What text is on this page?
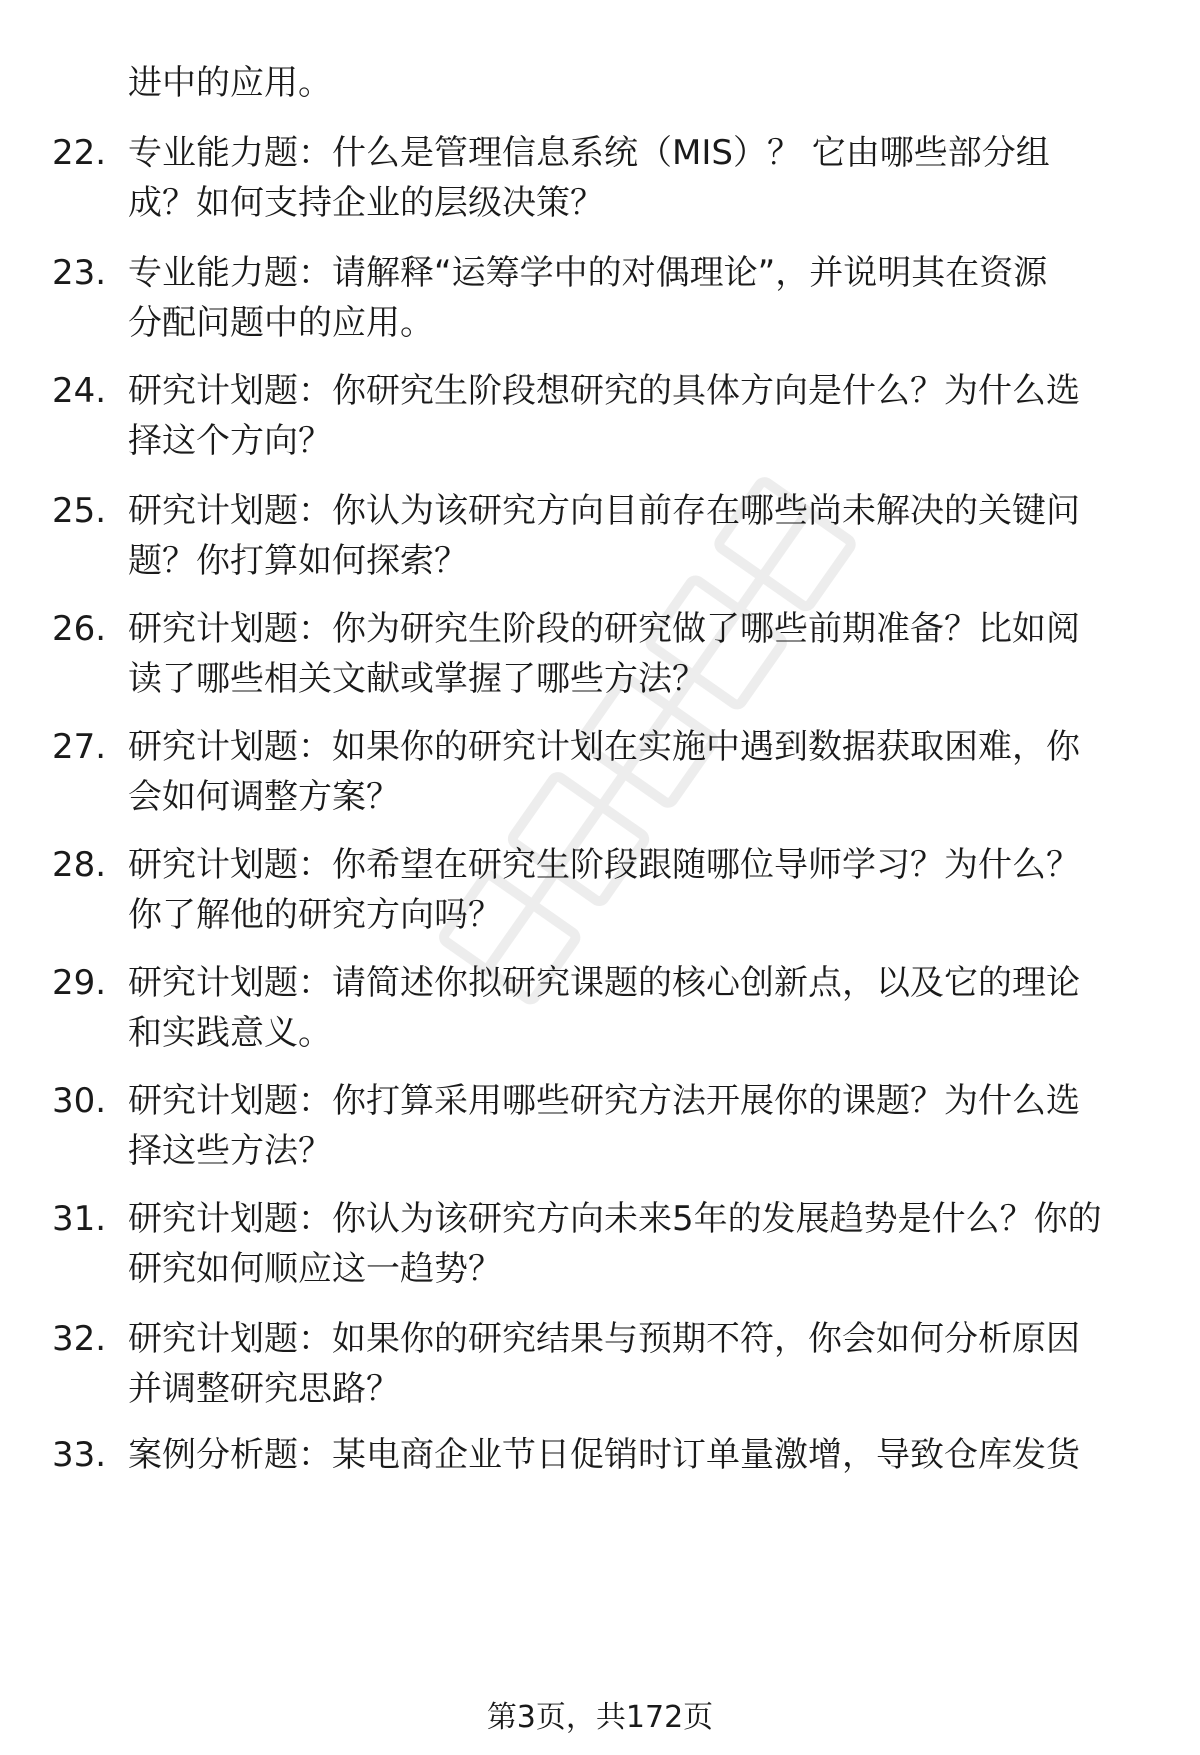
进中的应用。
22. 专业能力题：什么是管理信息系统（MIS）？ 它由哪些部分组
成？如何支持企业的层级决策？
23. 专业能力题：请解释“运筹学中的对偶理论”，并说明其在资源
分配问题中的应用。
24. 研究计划题：你研究生阶段想研究的具体方向是什么？为什么选
择这个方向？
25. 研究计划题：你认为该研究方向目前存在哪些尚未解决的关键问
题？你打算如何探索？
26. 研究计划题：你为研究生阶段的研究做了哪些前期准备？比如阅
读了哪些相关文献或掌握了哪些方法？
27. 研究计划题：如果你的研究计划在实施中遇到数据获取困难，你
会如何调整方案？
28. 研究计划题：你希望在研究生阶段跟随哪位导师学习？为什么？
你了解他的研究方向吗？
29. 研究计划题：请简述你拟研究课题的核心创新点，以及它的理论
和实践意义。
30. 研究计划题：你打算采用哪些研究方法开展你的课题？为什么选
择这些方法？
31. 研究计划题：你认为该研究方向未来5年的发展趋势是什么？你的
研究如何顺应这一趋势？
32. 研究计划题：如果你的研究结果与预期不符，你会如何分析原因
并调整研究思路？
33. 案例分析题：某电商企业节日促销时订单量激增，导致仓库发货
第3页，共172页
